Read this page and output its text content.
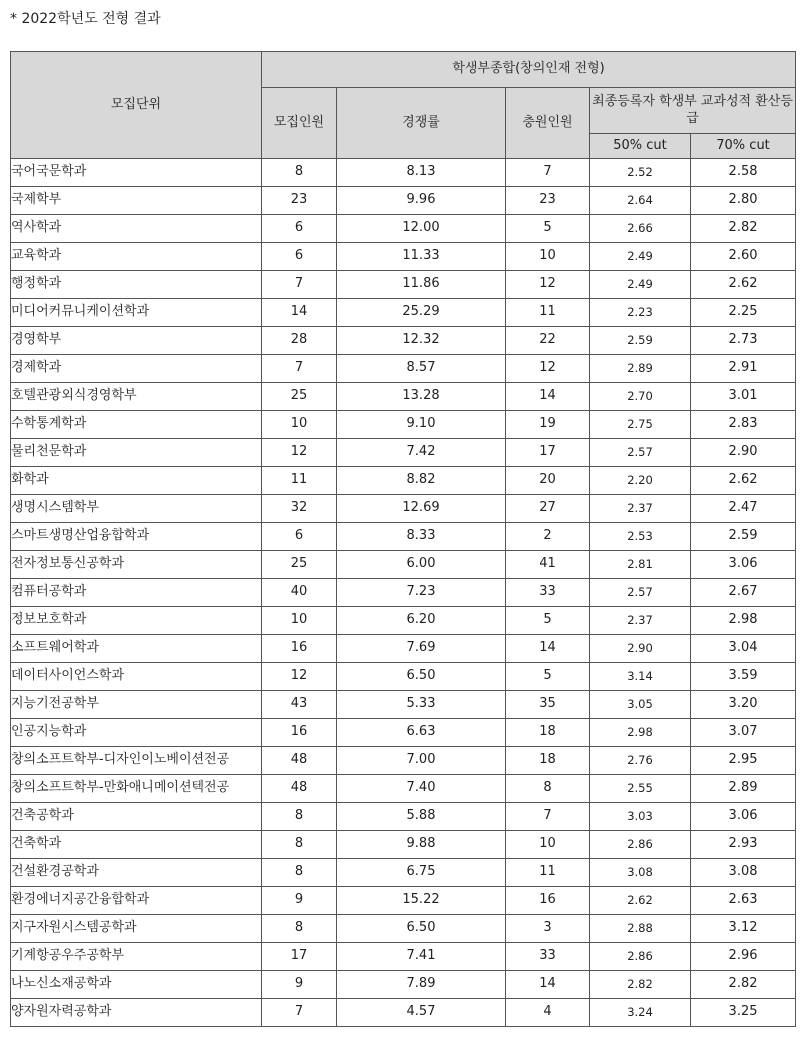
* 2022학년도 전형 결과
모집단위	학생부종합(창의인재 전형)				
	모집인원	경쟁률	충원인원	최종등록자 학생부 교과성적 환산등급	
				50% cut	70% cut
국어국문학과	8	8.13	7	2.52	2.58
국제학부	23	9.96	23	2.64	2.80
역사학과	6	12.00	5	2.66	2.82
교육학과	6	11.33	10	2.49	2.60
행정학과	7	11.86	12	2.49	2.62
미디어커뮤니케이션학과	14	25.29	11	2.23	2.25
경영학부	28	12.32	22	2.59	2.73
경제학과	7	8.57	12	2.89	2.91
호텔관광외식경영학부	25	13.28	14	2.70	3.01
수학통계학과	10	9.10	19	2.75	2.83
물리천문학과	12	7.42	17	2.57	2.90
화학과	11	8.82	20	2.20	2.62
생명시스템학부	32	12.69	27	2.37	2.47
스마트생명산업융합학과	6	8.33	2	2.53	2.59
전자정보통신공학과	25	6.00	41	2.81	3.06
컴퓨터공학과	40	7.23	33	2.57	2.67
정보보호학과	10	6.20	5	2.37	2.98
소프트웨어학과	16	7.69	14	2.90	3.04
데이터사이언스학과	12	6.50	5	3.14	3.59
지능기전공학부	43	5.33	35	3.05	3.20
인공지능학과	16	6.63	18	2.98	3.07
창의소프트학부-디자인이노베이션전공	48	7.00	18	2.76	2.95
창의소프트학부-만화애니메이션텍전공	48	7.40	8	2.55	2.89
건축공학과	8	5.88	7	3.03	3.06
건축학과	8	9.88	10	2.86	2.93
건설환경공학과	8	6.75	11	3.08	3.08
환경에너지공간융합학과	9	15.22	16	2.62	2.63
지구자원시스템공학과	8	6.50	3	2.88	3.12
기계항공우주공학부	17	7.41	33	2.86	2.96
나노신소재공학과	9	7.89	14	2.82	2.82
양자원자력공학과	7	4.57	4	3.24	3.25
